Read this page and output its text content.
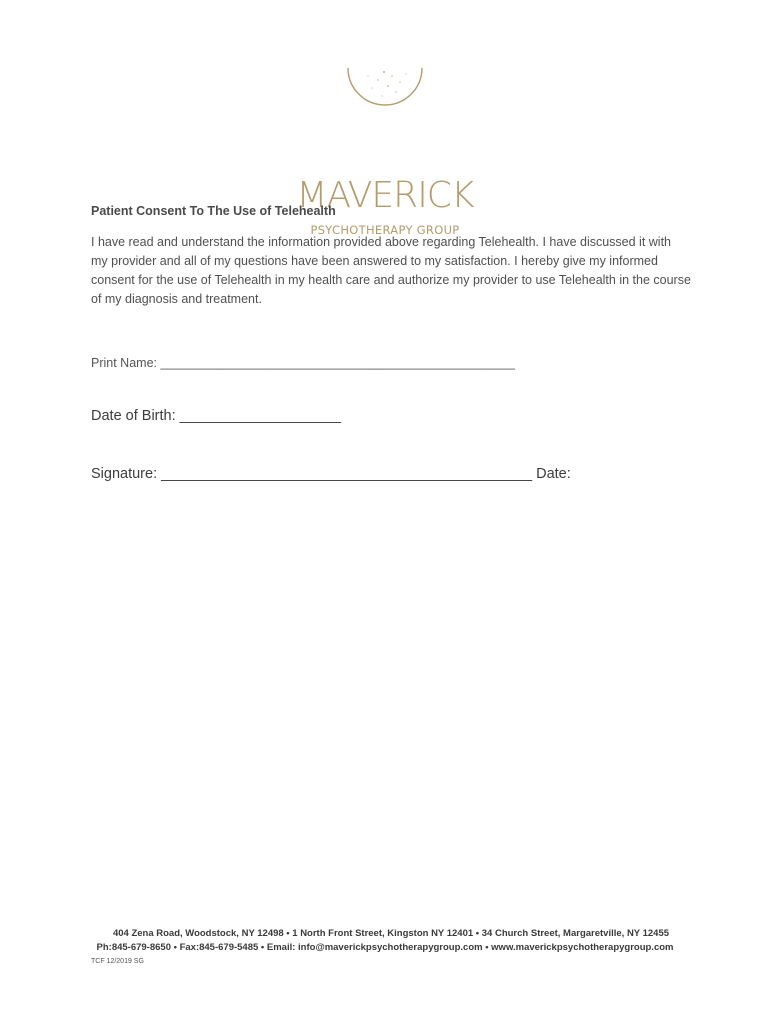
MAVERICK
PSYCHOTHERAPY GROUP
Patient Consent To The Use of Telehealth
I have read and understand the information provided above regarding Telehealth. I have discussed it with my provider and all of my questions have been answered to my satisfaction. I hereby give my informed consent for the use of Telehealth in my health care and authorize my provider to use Telehealth in the course of my diagnosis and treatment.
Print Name: ___________________________________________________
Date of Birth: ____________________
Signature: ______________________________________________ Date:
404 Zena Road, Woodstock, NY 12498 • 1 North Front Street, Kingston NY 12401 • 34 Church Street, Margaretville, NY 12455
Ph:845-679-8650 • Fax:845-679-5485 • Email: info@maverickpsychotherapygroup.com • www.maverickpsychotherapygroup.com
TCF 12/2019 SG
